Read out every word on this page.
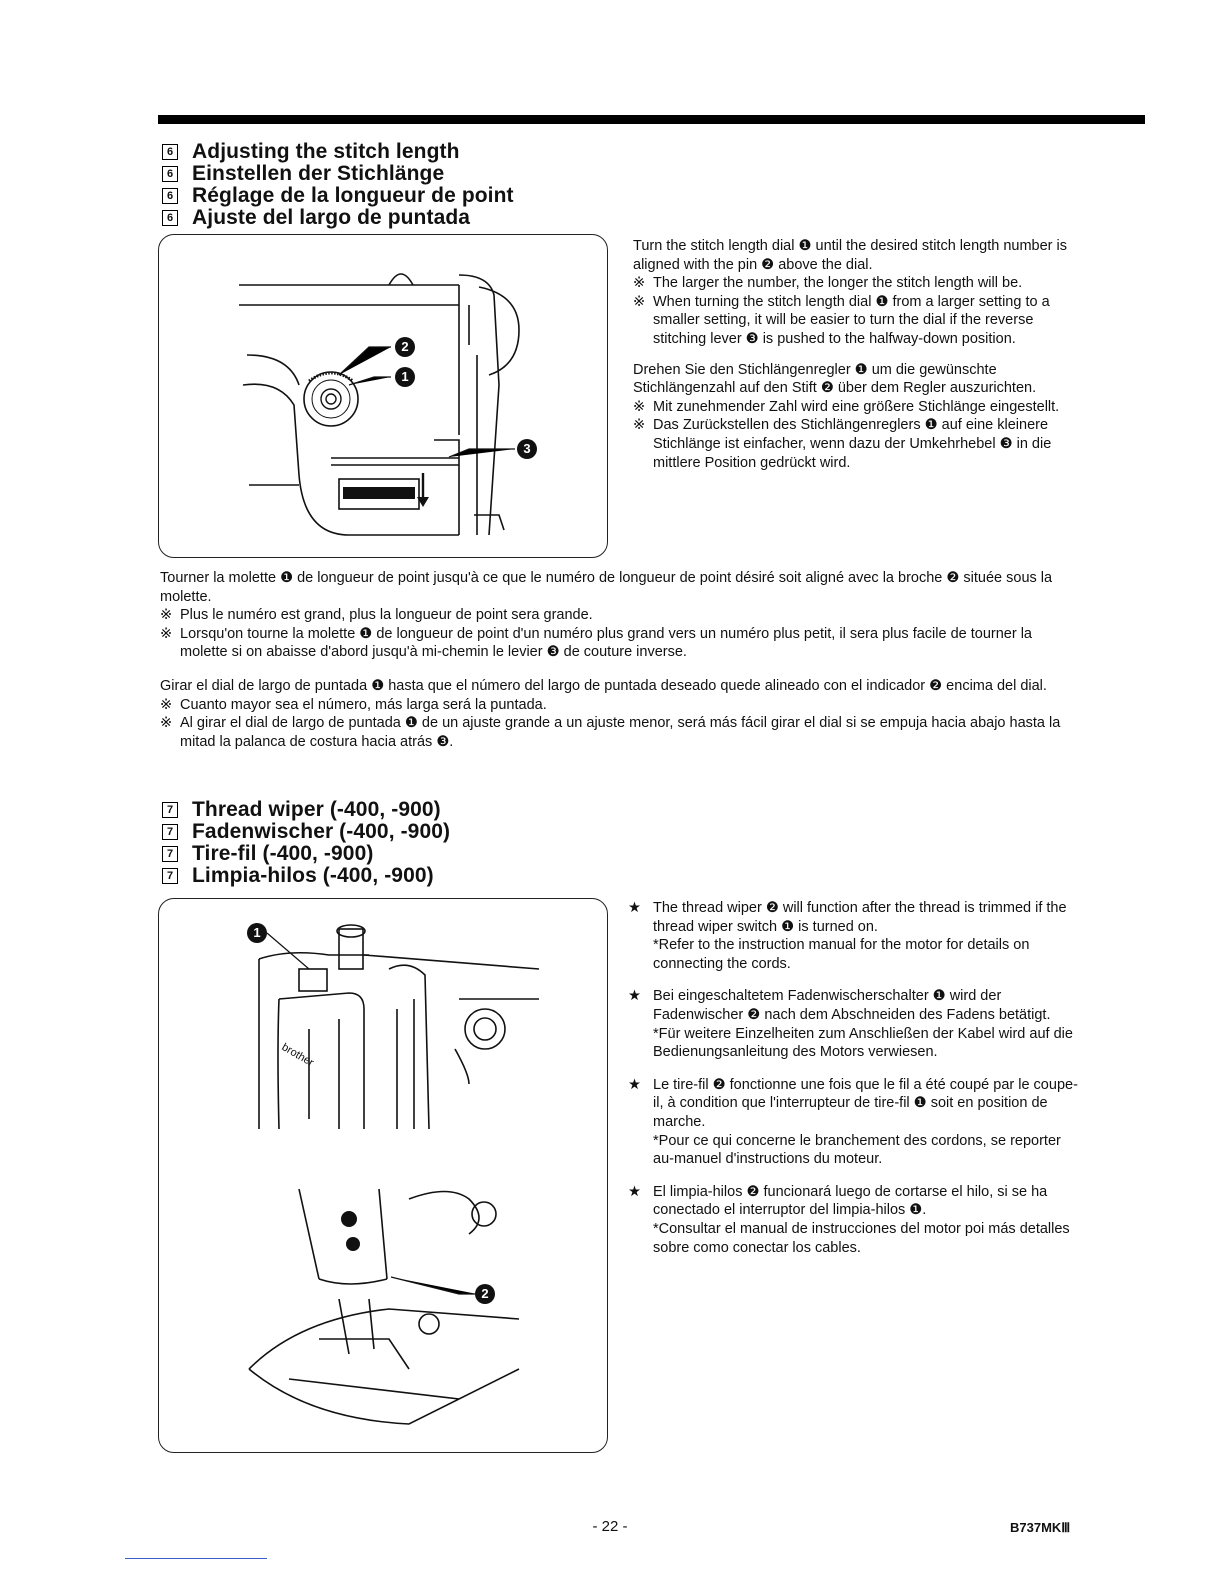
6 Adjusting the stitch length
6 Einstellen der Stichlänge
6 Réglage de la longueur de point
6 Ajuste del largo de puntada
2
1
3

Turn the stitch length dial ❶ until the desired stitch length number is aligned with the pin ❷ above the dial.

※ The larger the number, the longer the stitch length will be.

※ When turning the stitch length dial ❶ from a larger setting to a smaller setting, it will be easier to turn the dial if the reverse stitching lever ❸ is pushed to the halfway-down position.

Drehen Sie den Stichlängenregler ❶ um die gewünschte Stichlängenzahl auf den Stift ❷ über dem Regler auszurichten.

※ Mit zunehmender Zahl wird eine größere Stichlänge eingestellt.

※ Das Zurückstellen des Stichlängenreglers ❶ auf eine kleinere Stichlänge ist einfacher, wenn dazu der Umkehrhebel ❸ in die mittlere Position gedrückt wird.

Tourner la molette ❶ de longueur de point jusqu'à ce que le numéro de longueur de point désiré soit aligné avec la broche ❷ située sous la molette.

※ Plus le numéro est grand, plus la longueur de point sera grande.

※ Lorsqu'on tourne la molette ❶ de longueur de point d'un numéro plus grand vers un numéro plus petit, il sera plus facile de tourner la molette si on abaisse d'abord jusqu'à mi-chemin le levier ❸ de couture inverse.

Girar el dial de largo de puntada ❶ hasta que el número del largo de puntada deseado quede alineado con el indicador ❷ encima del dial.

※ Cuanto mayor sea el número, más larga será la puntada.

※ Al girar el dial de largo de puntada ❶ de un ajuste grande a un ajuste menor, será más fácil girar el dial si se empuja hacia abajo hasta la mitad la palanca de costura hacia atrás ❸.

7 Thread wiper (-400, -900)
7 Fadenwischer (-400, -900)
7 Tire-fil (-400, -900)
7 Limpia-hilos (-400, -900)
brother
1
2
★ The thread wiper ❷ will function after the thread is trimmed if the thread wiper switch ❶ is turned on.

*Refer to the instruction manual for the motor for details on connecting the cords.

★ Bei eingeschaltetem Fadenwischerschalter ❶ wird der Fadenwischer ❷ nach dem Abschneiden des Fadens betätigt.

*Für weitere Einzelheiten zum Anschließen der Kabel wird auf die Bedienungsanleitung des Motors verwiesen.

★ Le tire-fil ❷ fonctionne une fois que le fil a été coupé par le coupe-il, à condition que l'interrupteur de tire-fil ❶ soit en position de marche.

*Pour ce qui concerne le branchement des cordons, se reporter au-manuel d'instructions du moteur.

★ El limpia-hilos ❷ funcionará luego de cortarse el hilo, si se ha conectado el interruptor del limpia-hilos ❶.

*Consultar el manual de instrucciones del motor poi más detalles sobre como conectar los cables.

- 22 -	B737MKⅢ
